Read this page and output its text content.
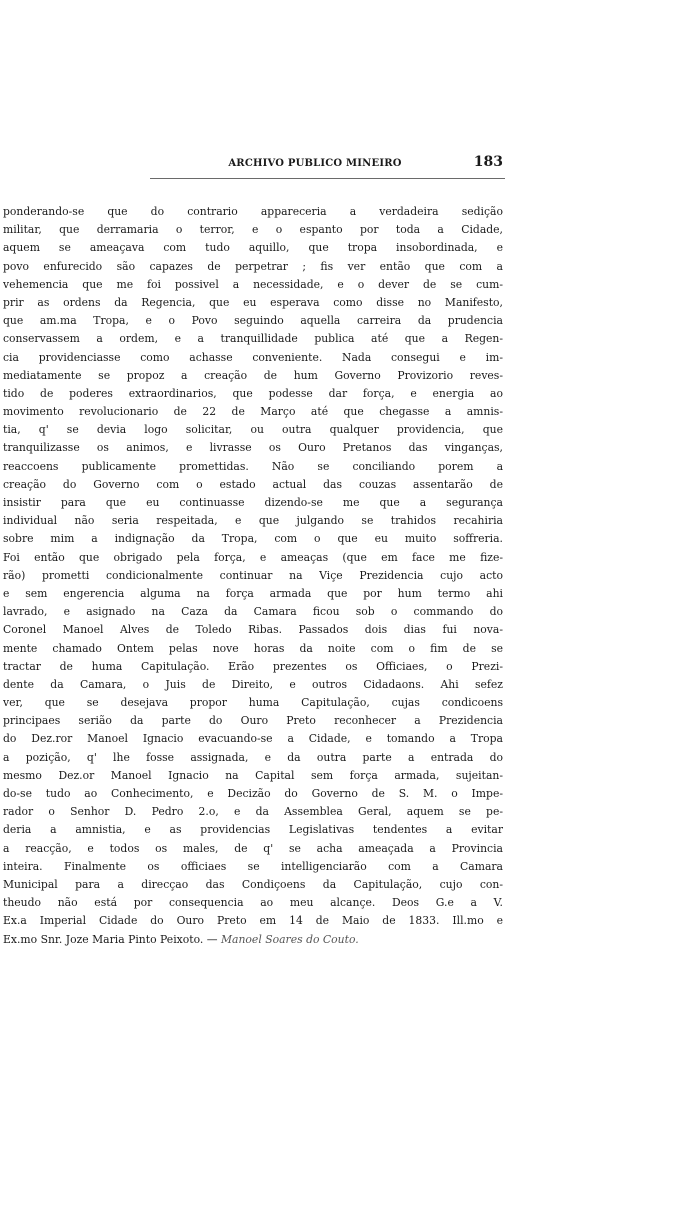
ARCHIVO PUBLICO MINEIRO	183
ponderando-se que do contrario appareceria a verdadeira sedição
militar, que derramaria o terror, e o espanto por toda a Cidade,
aquem se ameaçava com tudo aquillo, que tropa insobordinada, e
povo enfurecido são capazes de perpetrar ; fis ver então que com a
vehemencia que me foi possivel a necessidade, e o dever de se cum-
prir as ordens da Regencia, que eu esperava como disse no Manifesto,
que am.ma Tropa, e o Povo seguindo aquella carreira da prudencia
conservassem a ordem, e a tranquillidade publica até que a Regen-
cia providenciasse como achasse conveniente. Nada consegui e im-
mediatamente se propoz a creação de hum Governo Provizorio reves-
tido de poderes extraordinarios, que podesse dar força, e energia ao
movimento revolucionario de 22 de Março até que chegasse a amnis-
tia, q' se devia logo solicitar, ou outra qualquer providencia, que
tranquilizasse os animos, e livrasse os Ouro Pretanos das vinganças,
reaccoens publicamente promettidas. Não se conciliando porem a
creação do Governo com o estado actual das couzas assentarão de
insistir para que eu continuasse dizendo-se me que a segurança
individual não seria respeitada, e que julgando se trahidos recahiria
sobre mim a indignação da Tropa, com o que eu muito soffreria.
Foi então que obrigado pela força, e ameaças (que em face me fize-
rão) prometti condicionalmente continuar na Viçe Prezidencia cujo acto
e sem engerencia alguma na força armada que por hum termo ahi
lavrado, e asignado na Caza da Camara ficou sob o commando do
Coronel Manoel Alves de Toledo Ribas. Passados dois dias fui nova-
mente chamado Ontem pelas nove horas da noite com o fim de se
tractar de huma Capitulação. Erão prezentes os Officiaes, o Prezi-
dente da Camara, o Juis de Direito, e outros Cidadaons. Ahi sefez
ver, que se desejava propor huma Capitulação, cujas condicoens
principaes serião da parte do Ouro Preto reconhecer a Prezidencia
do Dez.ror Manoel Ignacio evacuando-se a Cidade, e tomando a Tropa
a pozição, q' lhe fosse assignada, e da outra parte a entrada do
mesmo Dez.or Manoel Ignacio na Capital sem força armada, sujeitan-
do-se tudo ao Conhecimento, e Decizão do Governo de S. M. o Impe-
rador o Senhor D. Pedro 2.o, e da Assemblea Geral, aquem se pe-
deria a amnistia, e as providencias Legislativas tendentes a evitar
a reacção, e todos os males, de q' se acha ameaçada a Provincia
inteira. Finalmente os officiaes se intelligenciarão com a Camara
Municipal para a direcçao das Condiçoens da Capitulação, cujo con-
theudo não está por consequencia ao meu alcançe. Deos G.e a V.
Ex.a Imperial Cidade do Ouro Preto em 14 de Maio de 1833. Ill.mo e
Ex.mo Snr. Joze Maria Pinto Peixoto. — Manoel Soares do Couto.
